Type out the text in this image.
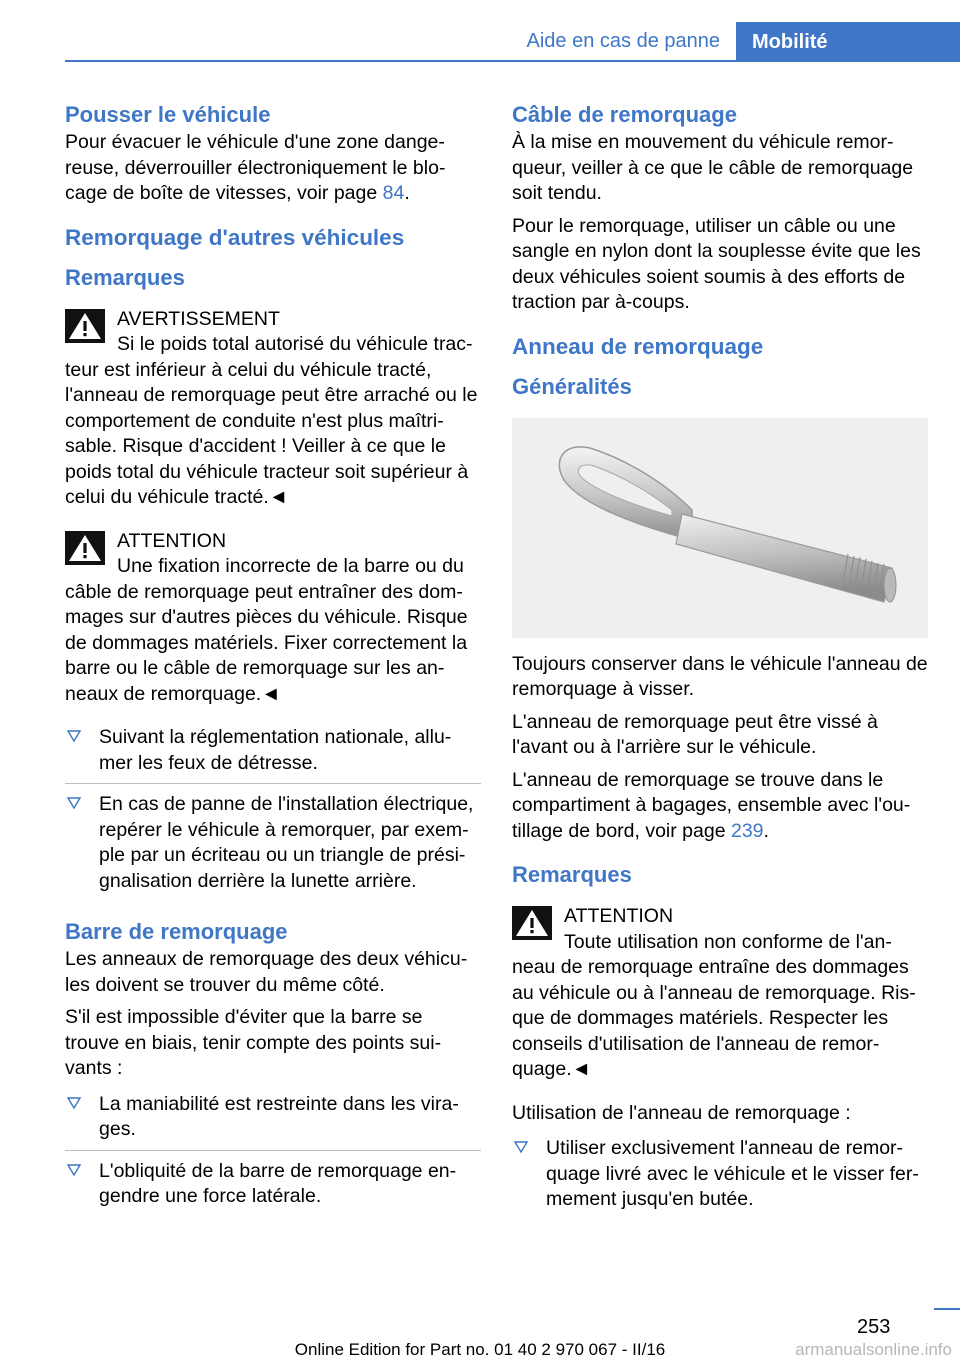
Aide en cas de panne	Mobilité
Pousser le véhicule

Pour évacuer le véhicule d'une zone dange-reuse, déverrouiller électroniquement le blo-cage de boîte de vitesses, voir page 84.

Remorquage d'autres véhicules
Remarques
AVERTISSEMENT

Si le poids total autorisé du véhicule trac-teur est inférieur à celui du véhicule tracté, l'anneau de remorquage peut être arraché ou le comportement de conduite n'est plus maîtri-sable. Risque d'accident ! Veiller à ce que le poids total du véhicule tracteur soit supérieur à celui du véhicule tracté.◄

ATTENTION

Une fixation incorrecte de la barre ou du câble de remorquage peut entraîner des dom-mages sur d'autres pièces du véhicule. Risque de dommages matériels. Fixer correctement la barre ou le câble de remorquage sur les an-neaux de remorquage.◄

Suivant la réglementation nationale, allu-mer les feux de détresse.
En cas de panne de l'installation électrique, repérer le véhicule à remorquer, par exem-ple par un écriteau ou un triangle de prési-gnalisation derrière la lunette arrière.
Barre de remorquage

Les anneaux de remorquage des deux véhicu-les doivent se trouver du même côté.

S'il est impossible d'éviter que la barre se trouve en biais, tenir compte des points sui-vants :

La maniabilité est restreinte dans les vira-ges.
L'obliquité de la barre de remorquage en-gendre une force latérale.
Câble de remorquage

À la mise en mouvement du véhicule remor-queur, veiller à ce que le câble de remorquage soit tendu.

Pour le remorquage, utiliser un câble ou une sangle en nylon dont la souplesse évite que les deux véhicules soient soumis à des efforts de traction par à-coups.

Anneau de remorquage
Généralités

Toujours conserver dans le véhicule l'anneau de remorquage à visser.

L'anneau de remorquage peut être vissé à l'avant ou à l'arrière sur le véhicule.

L'anneau de remorquage se trouve dans le compartiment à bagages, ensemble avec l'ou-tillage de bord, voir page 239.

Remarques
ATTENTION

Toute utilisation non conforme de l'an-neau de remorquage entraîne des dommages au véhicule ou à l'anneau de remorquage. Ris-que de dommages matériels. Respecter les conseils d'utilisation de l'anneau de remor-quage.◄

Utilisation de l'anneau de remorquage :

Utiliser exclusivement l'anneau de remor-quage livré avec le véhicule et le visser fer-mement jusqu'en butée.
253
Online Edition for Part no. 01 40 2 970 067 - II/16	armanualsonline.info
